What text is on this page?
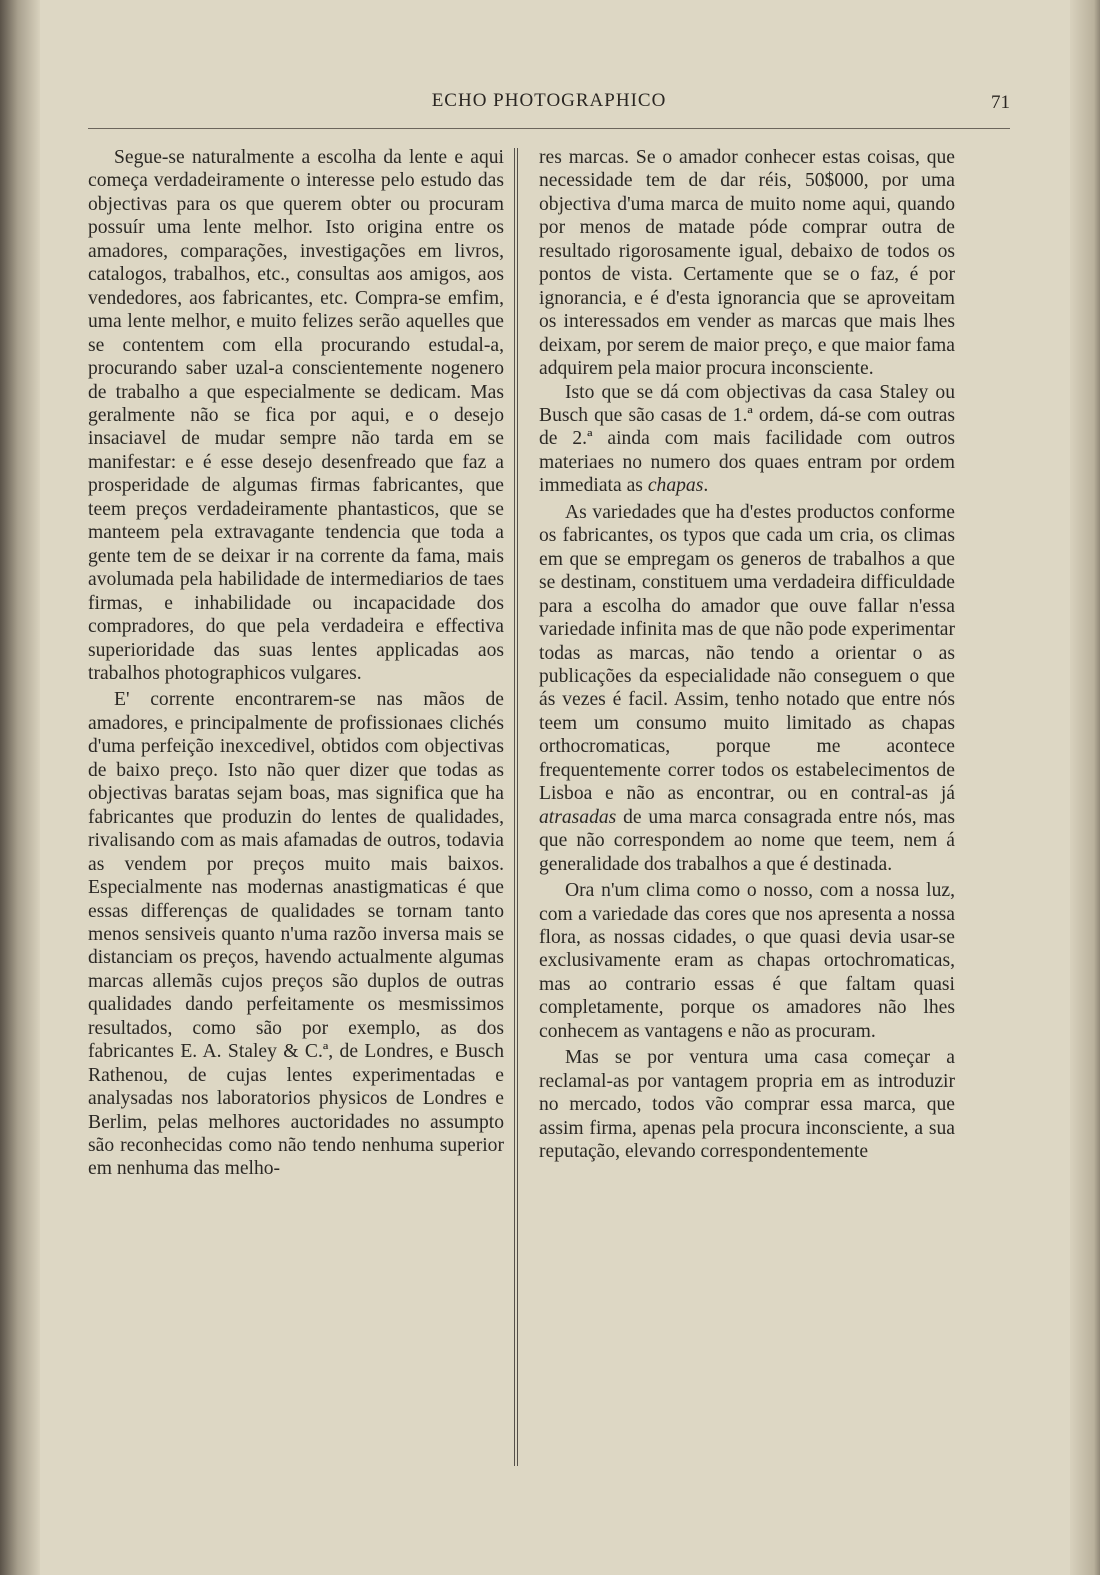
ECHO PHOTOGRAPHICO	71

Segue-se naturalmente a escolha da lente e aqui começa verdadeiramente o interesse pelo estudo das objectivas para os que querem obter ou procuram possuír uma lente melhor. Isto origina entre os amadores, comparações, investigações em livros, catalogos, trabalhos, etc., consultas aos amigos, aos vendedores, aos fabricantes, etc. Compra-se emfim, uma lente melhor, e muito felizes serão aquelles que se contentem com ella procurando estudal-a, procurando saber uzal-a conscientemente nogenero de trabalho a que especialmente se dedicam. Mas geralmente não se fica por aqui, e o desejo insaciavel de mudar sempre não tarda em se manifestar: e é esse desejo desenfreado que faz a prosperidade de algumas firmas fabricantes, que teem preços verdadeiramente phantasticos, que se manteem pela extravagante tendencia que toda a gente tem de se deixar ir na corrente da fama, mais avolumada pela habilidade de intermediarios de taes firmas, e inhabilidade ou incapacidade dos compradores, do que pela verdadeira e effectiva superioridade das suas lentes applicadas aos trabalhos photographicos vulgares.

E' corrente encontrarem-se nas mãos de amadores, e principalmente de profissionaes clichés d'uma perfeição inexcedivel, obtidos com objectivas de baixo preço. Isto não quer dizer que todas as objectivas baratas sejam boas, mas significa que ha fabricantes que produzin do lentes de qualidades, rivalisando com as mais afamadas de outros, todavia as vendem por preços muito mais baixos. Especialmente nas modernas anastigmaticas é que essas differenças de qualidades se tornam tanto menos sensiveis quanto n'uma razõo inversa mais se distanciam os preços, havendo actualmente algumas marcas allemãs cujos preços são duplos de outras qualidades dando perfeitamente os mesmissimos resultados, como são por exemplo, as dos fabricantes E. A. Staley & C.ª, de Londres, e Busch Rathenou, de cujas lentes experimentadas e analysadas nos laboratorios physicos de Londres e Berlim, pelas melhores auctoridades no assumpto são reconhecidas como não tendo nenhuma superior em nenhuma das melho-

res marcas. Se o amador conhecer estas coisas, que necessidade tem de dar réis, 50$000, por uma objectiva d'uma marca de muito nome aqui, quando por menos de matade póde comprar outra de resultado rigorosamente igual, debaixo de todos os pontos de vista. Certamente que se o faz, é por ignorancia, e é d'esta ignorancia que se aproveitam os interessados em vender as marcas que mais lhes deixam, por serem de maior preço, e que maior fama adquirem pela maior procura inconsciente.

Isto que se dá com objectivas da casa Staley ou Busch que são casas de 1.ª ordem, dá-se com outras de 2.ª ainda com mais facilidade com outros materiaes no numero dos quaes entram por ordem immediata as chapas.

As variedades que ha d'estes productos conforme os fabricantes, os typos que cada um cria, os climas em que se empregam os generos de trabalhos a que se destinam, constituem uma verdadeira difficuldade para a escolha do amador que ouve fallar n'essa variedade infinita mas de que não pode experimentar todas as marcas, não tendo a orientar o as publicações da especialidade não conseguem o que ás vezes é facil. Assim, tenho notado que entre nós teem um consumo muito limitado as chapas orthocromaticas, porque me acontece frequentemente correr todos os estabelecimentos de Lisboa e não as encontrar, ou en contral-as já atrasadas de uma marca consagrada entre nós, mas que não correspondem ao nome que teem, nem á generalidade dos trabalhos a que é destinada.

Ora n'um clima como o nosso, com a nossa luz, com a variedade das cores que nos apresenta a nossa flora, as nossas cidades, o que quasi devia usar-se exclusivamente eram as chapas ortochromaticas, mas ao contrario essas é que faltam quasi completamente, porque os amadores não lhes conhecem as vantagens e não as procuram.

Mas se por ventura uma casa começar a reclamal-as por vantagem propria em as introduzir no mercado, todos vão comprar essa marca, que assim firma, apenas pela procura inconsciente, a sua reputação, elevando correspondentemente
